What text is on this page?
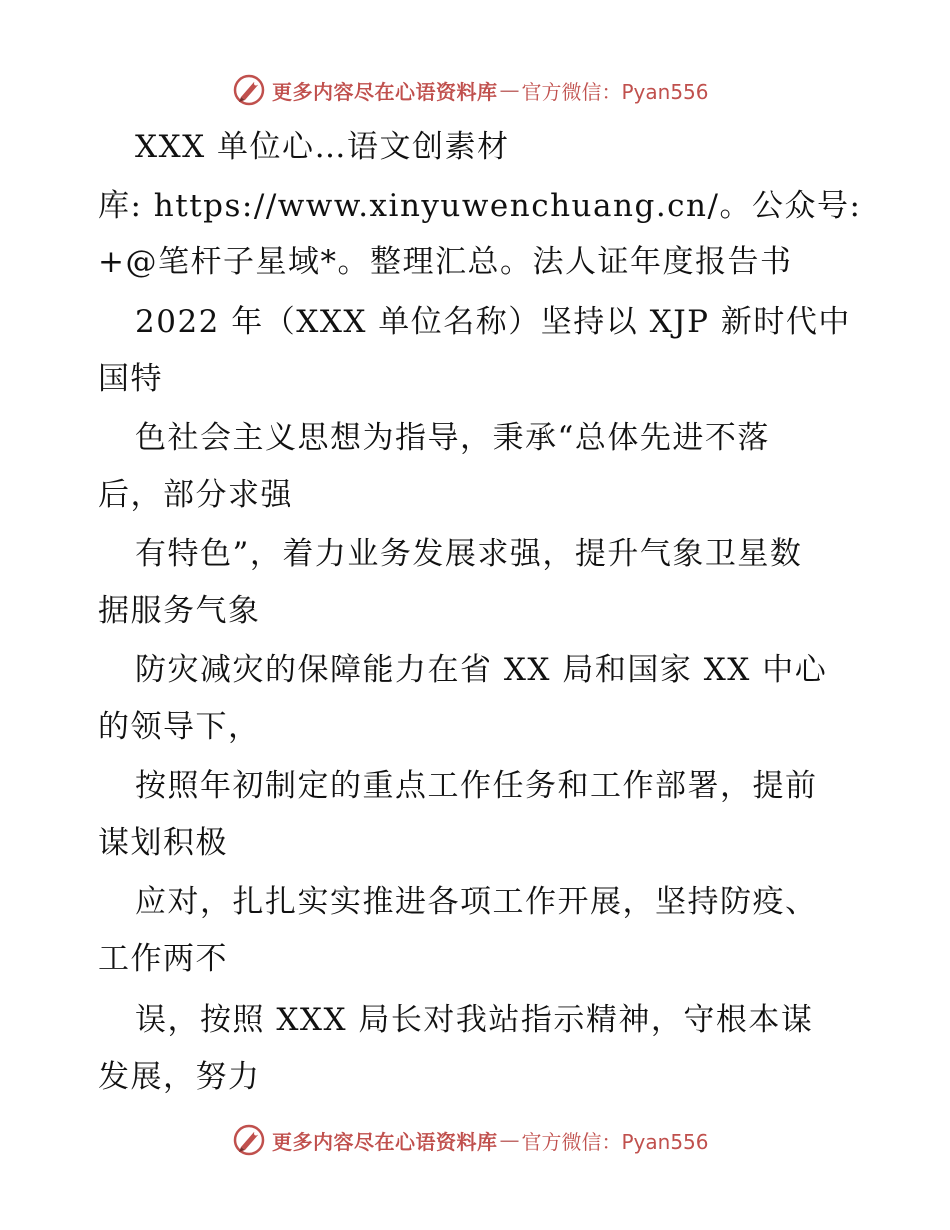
更多内容尽在心语资料库 — 官方微信：Pyan556
XXX 单位心…语文创素材
库: https://www.xinyuwenchuang.cn/。公众号:
+@笔杆子星域*。整理汇总。法人证年度报告书
2022 年（XXX 单位名称）坚持以 XJP 新时代中
国特
色社会主义思想为指导，秉承“总体先进不落
后，部分求强
有特色”，着力业务发展求强，提升气象卫星数
据服务气象
防灾减灾的保障能力在省 XX 局和国家 XX 中心
的领导下，
按照年初制定的重点工作任务和工作部署，提前
谋划积极
应对，扎扎实实推进各项工作开展，坚持防疫、
工作两不
误，按照 XXX 局长对我站指示精神，守根本谋
发展，努力
更多内容尽在心语资料库 — 官方微信：Pyan556
